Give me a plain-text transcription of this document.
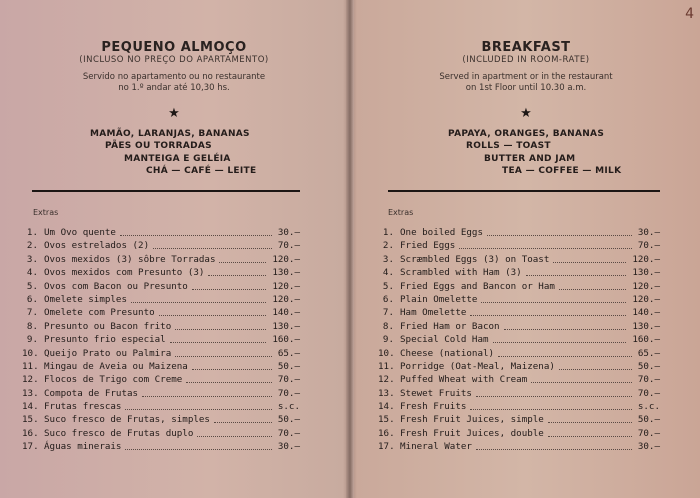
PEQUENO ALMOÇO
(INCLUSO NO PREÇO DO APARTAMENTO)
Servido no apartamento ou no restaurante
no 1.º andar até 10,30 hs.
★
MAMÃO, LARANJAS, BANANAS
PÃES OU TORRADAS
MANTEIGA E GELÉIA
CHÁ — CAFÉ — LEITE
Extras
1. Um Ovo quente	30.—
2. Ovos estrelados (2)	70.—
3. Ovos mexidos (3) sôbre Torradas	120.—
4. Ovos mexidos com Presunto (3)	130.—
5. Ovos com Bacon ou Presunto	120.—
6. Omelete simples	120.—
7. Omelete com Presunto	140.—
8. Presunto ou Bacon frito	130.—
9. Presunto frio especial	160.—
10. Queijo Prato ou Palmira	65.—
11. Mingau de Aveia ou Maizena	50.—
12. Flocos de Trigo com Creme	70.—
13. Compota de Frutas	70.—
14. Frutas frescas	s.c.
15. Suco fresco de Frutas, simples	50.—
16. Suco fresco de Frutas duplo	70.—
17. Águas minerais	30.—
BREAKFAST
(INCLUDED IN ROOM-RATE)
Served in apartment or in the restaurant
on 1st Floor until 10.30 a.m.
★
PAPAYA, ORANGES, BANANAS
ROLLS — TOAST
BUTTER AND JAM
TEA — COFFEE — MILK
Extras
1. One boiled Eggs	30.—
2. Fried Eggs	70.—
3. Scræmbled Eggs (3) on Toast	120.—
4. Scrambled with Ham (3)	130.—
5. Fried Eggs and Bancon or Ham	120.—
6. Plain Omelette	120.—
7. Ham Omelette	140.—
8. Fried Ham or Bacon	130.—
9. Special Cold Ham	160.—
10. Cheese (national)	65.—
11. Porridge (Oat-Meal, Maizena)	50.—
12. Puffed Wheat with Cream	70.—
13. Stewet Fruits	70.—
14. Fresh Fruits	s.c.
15. Fresh Fruit Juices, simple	50.—
16. Fresh Fruit Juices, double	70.—
17. Mineral Water	30.—
4
